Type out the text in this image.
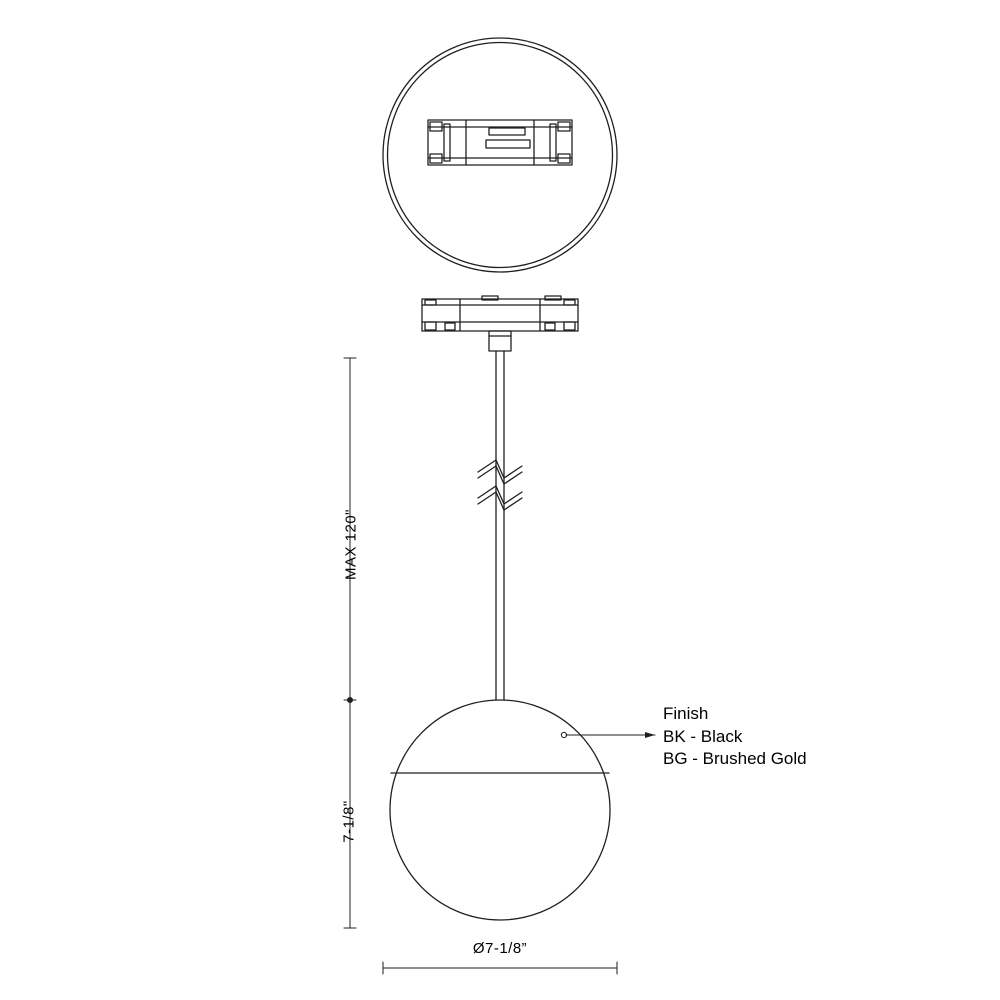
MAX 120"
7-1/8"
Ø7-1/8”
Finish
BK - Black
BG - Brushed Gold
